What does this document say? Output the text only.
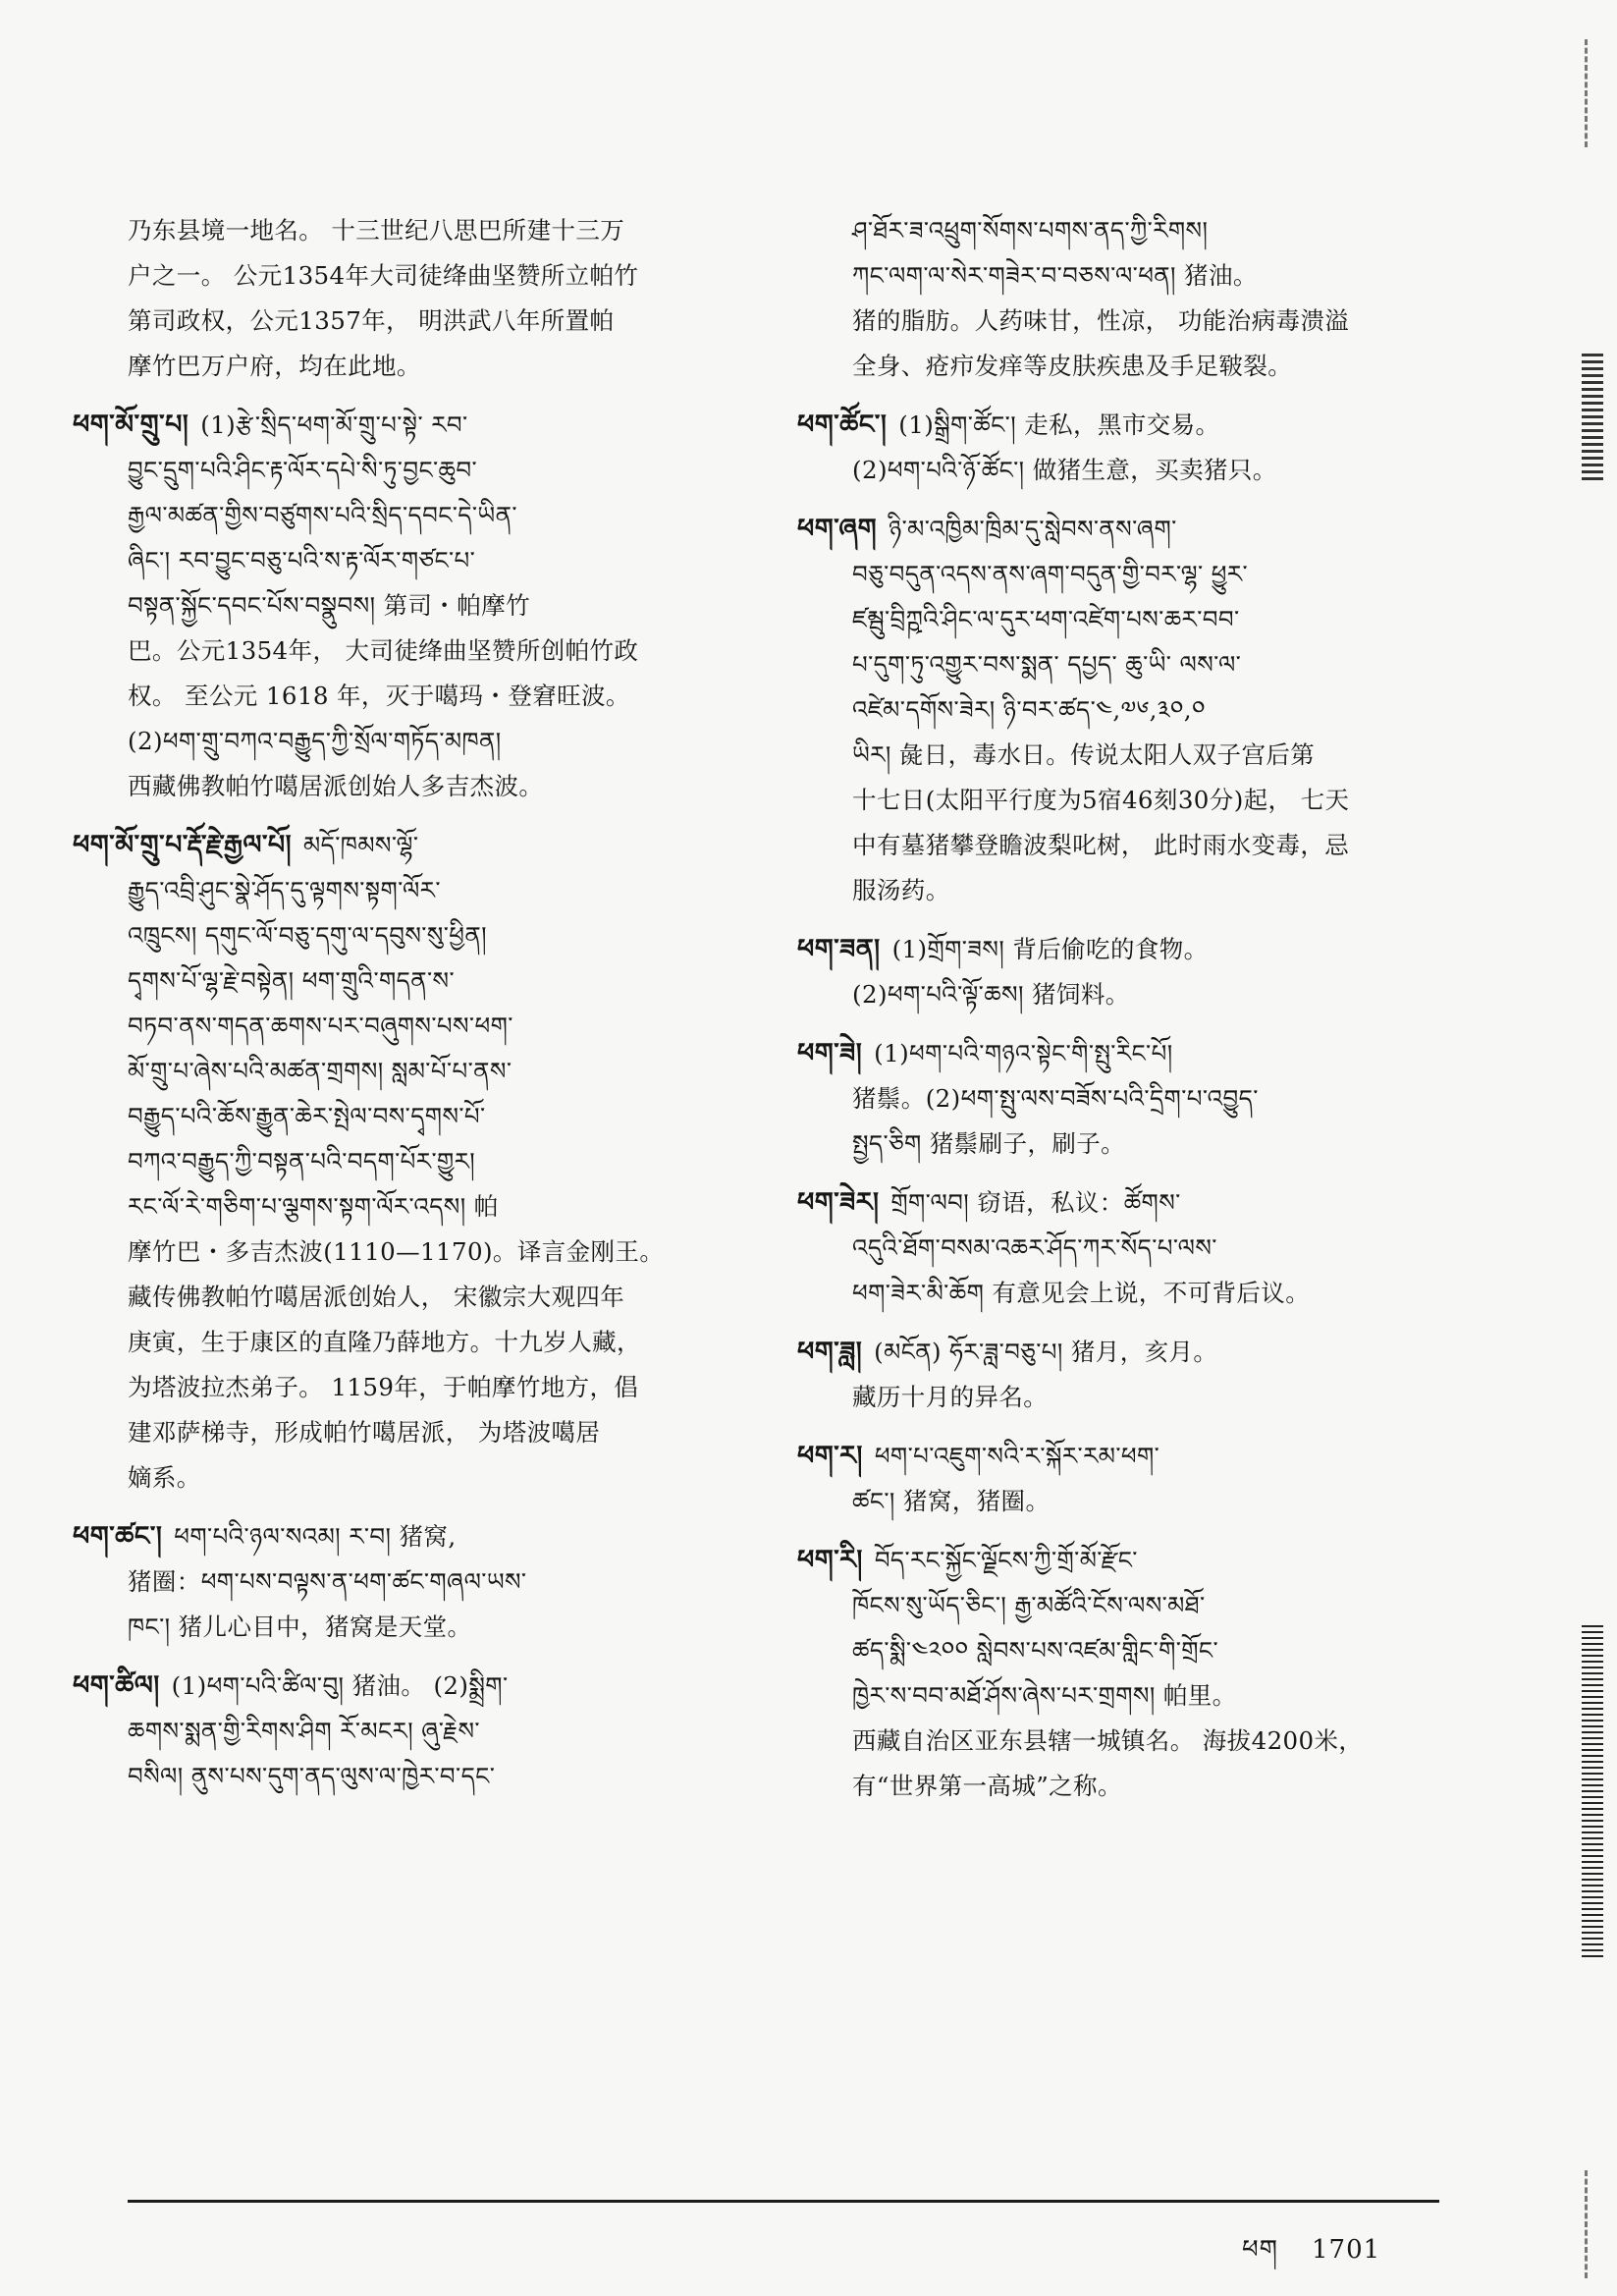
乃东县境一地名。 十三世纪八思巴所建十三万
户之一。 公元1354年大司徒绛曲坚赞所立帕竹
第司政权，公元1357年， 明洪武八年所置帕
摩竹巴万户府，均在此地。
ཕག་མོ་གྲུ་པ། (1)རྩེ་སྲིད་ཕག་མོ་གྲུ་པ་སྟེ་ རབ་
བྱུང་དྲུག་པའི་ཤིང་རྟ་ལོར་དཔེ་སི་ཏུ་བྱང་ཆུབ་
རྒྱལ་མཚན་གྱིས་བཙུགས་པའི་སྲིད་དབང་དེ་ཡིན་
ཞིང་། རབ་བྱུང་བཅུ་པའི་ས་རྟ་ལོར་གཙང་པ་
བསྟན་སྐྱོང་དབང་པོས་བསྣུབས། 第司・帕摩竹
巴。公元1354年， 大司徒绛曲坚赞所创帕竹政
权。 至公元 1618 年，灭于噶玛・登窘旺波。
(2)ཕག་གྲུ་བཀའ་བརྒྱུད་ཀྱི་སྲོལ་གཏོད་མཁན།
西藏佛教帕竹噶居派创始人多吉杰波。
ཕག་མོ་གྲུ་པ་རྡོ་རྗེ་རྒྱལ་པོ། མདོ་ཁམས་ལྷོ་
རྒྱུད་འབྲི་ཤུང་སྣེ་ཤོད་དུ་ལྟགས་སྟག་ལོར་
འཁྲུངས། དགུང་ལོ་བཅུ་དགུ་ལ་དབུས་སུ་ཕྱིན།
དྭགས་པོ་ལྷ་རྗེ་བསྟེན། ཕག་གྲུའི་གདན་ས་
བཏབ་ནས་གདན་ཆགས་པར་བཞུགས་པས་ཕག་
མོ་གྲུ་པ་ཞེས་པའི་མཚན་གྲགས། སླམ་པོ་པ་ནས་
བརྒྱུད་པའི་ཆོས་རྒྱུན་ཆེར་སྤེལ་བས་དྭགས་པོ་
བཀའ་བརྒྱུད་ཀྱི་བསྟན་པའི་བདག་པོར་གྱུར།
རང་ལོ་རེ་གཅིག་པ་ལྕགས་སྟག་ལོར་འདས། 帕
摩竹巴・多吉杰波(1110—1170)。译言金刚王。
藏传佛教帕竹噶居派创始人， 宋徽宗大观四年
庚寅，生于康区的直隆乃薛地方。十九岁人藏，
为塔波拉杰弟子。 1159年，于帕摩竹地方，倡
建邓萨梯寺，形成帕竹噶居派， 为塔波噶居
嫡系。
ཕག་ཚང་། ཕག་པའི་ཉལ་སའམ། ར་བ། 猪窝,
猪圈：ཕག་པས་བལྟས་ན་ཕག་ཚང་གཞལ་ཡས་
ཁང་། 猪儿心目中，猪窝是天堂。
ཕག་ཚིལ། (1)ཕག་པའི་ཚིལ་བུ། 猪油。 (2)སྨྲིག་
ཆགས་སྨན་གྱི་རིགས་ཤིག རོ་མངར། ཞུ་རྗེས་
བསིལ། ནུས་པས་དུག་ནད་ལུས་ལ་ཁྱེར་བ་དང་
ཤ་ཐོར་ཟ་འཕྲུག་སོགས་པགས་ནད་ཀྱི་རིགས།
ཀང་ལག་ལ་སེར་གཟེར་བ་བཅས་ལ་ཕན། 猪油。
猪的脂肪。人药味甘，性凉， 功能治病毒溃溢
全身、疮疖发痒等皮肤疾患及手足皲裂。
ཕག་ཚོང་། (1)སྒྲིག་ཚོང་། 走私，黑市交易。
(2)ཕག་པའི་ཉོ་ཚོང་། 做猪生意，买卖猪只。
ཕག་ཞག ཉི་མ་འཁྱིམ་ཁྲིམ་དུ་སླེབས་ནས་ཞག་
བཅུ་བདུན་འདས་ནས་ཞག་བདུན་གྱི་བར་ལྷ་ ཕྱུར་
ཛམྦུ་བྲིཀྵའི་ཤིང་ལ་དུར་ཕག་འཛེག་པས་ཆར་བབ་
པ་དུག་ཏུ་འགྱུར་བས་སྨན་ དཔྱད་ ཆུ་ཡི་ ལས་ལ་
འཛེམ་དགོས་ཟེར། ཉི་བར་ཚད་༤,༧༦,༣༠,༠
ཡིར། 彘日，毒水日。传说太阳人双子宫后第
十七日(太阳平行度为5宿46刻30分)起， 七天
中有墓猪攀登瞻波梨叱树， 此时雨水变毒，忌
服汤药。
ཕག་ཟན། (1)གྲོག་ཟས། 背后偷吃的食物。
(2)ཕག་པའི་ལྟོ་ཆས། 猪饲料。
ཕག་ཟེ། (1)ཕག་པའི་གཉའ་སྟེང་གི་སྤུ་རིང་པོ།
猪鬃。(2)ཕག་སྤུ་ལས་བཟོས་པའི་དྲིག་པ་འབྱུད་
སྤྱད་ཅིག 猪鬃刷子，刷子。
ཕག་ཟེར། གྲོག་ལབ། 窃语，私议：ཚོགས་
འདུའི་ཐོག་བསམ་འཆར་ཤོད་ཀར་སོད་པ་ལས་
ཕག་ཟེར་མི་ཆོག 有意见会上说，不可背后议。
ཕག་ཟླ། (མངོན) ཧོར་ཟླ་བཅུ་པ། 猪月，亥月。
藏历十月的异名。
ཕག་ར། ཕག་པ་འཇུག་སའི་ར་སྐོར་རམ་ཕག་
ཚང་། 猪窝，猪圈。
ཕག་རི། བོད་རང་སྐྱོང་ལྗོངས་ཀྱི་གྲོ་མོ་རྫོང་
ཁོངས་སུ་ཡོད་ཅིང་། རྒྱ་མཚོའི་ངོས་ལས་མཐོ་
ཚད་སྨི་༤༢༠༠ སླེབས་པས་འཛམ་གླིང་གི་གྲོང་
ཁྱེར་ས་བབ་མཐོ་ཤོས་ཞེས་པར་གྲགས། 帕里。
西藏自治区亚东县辖一城镇名。 海拔4200米，
有“世界第一高城”之称。
ཕག 1701
